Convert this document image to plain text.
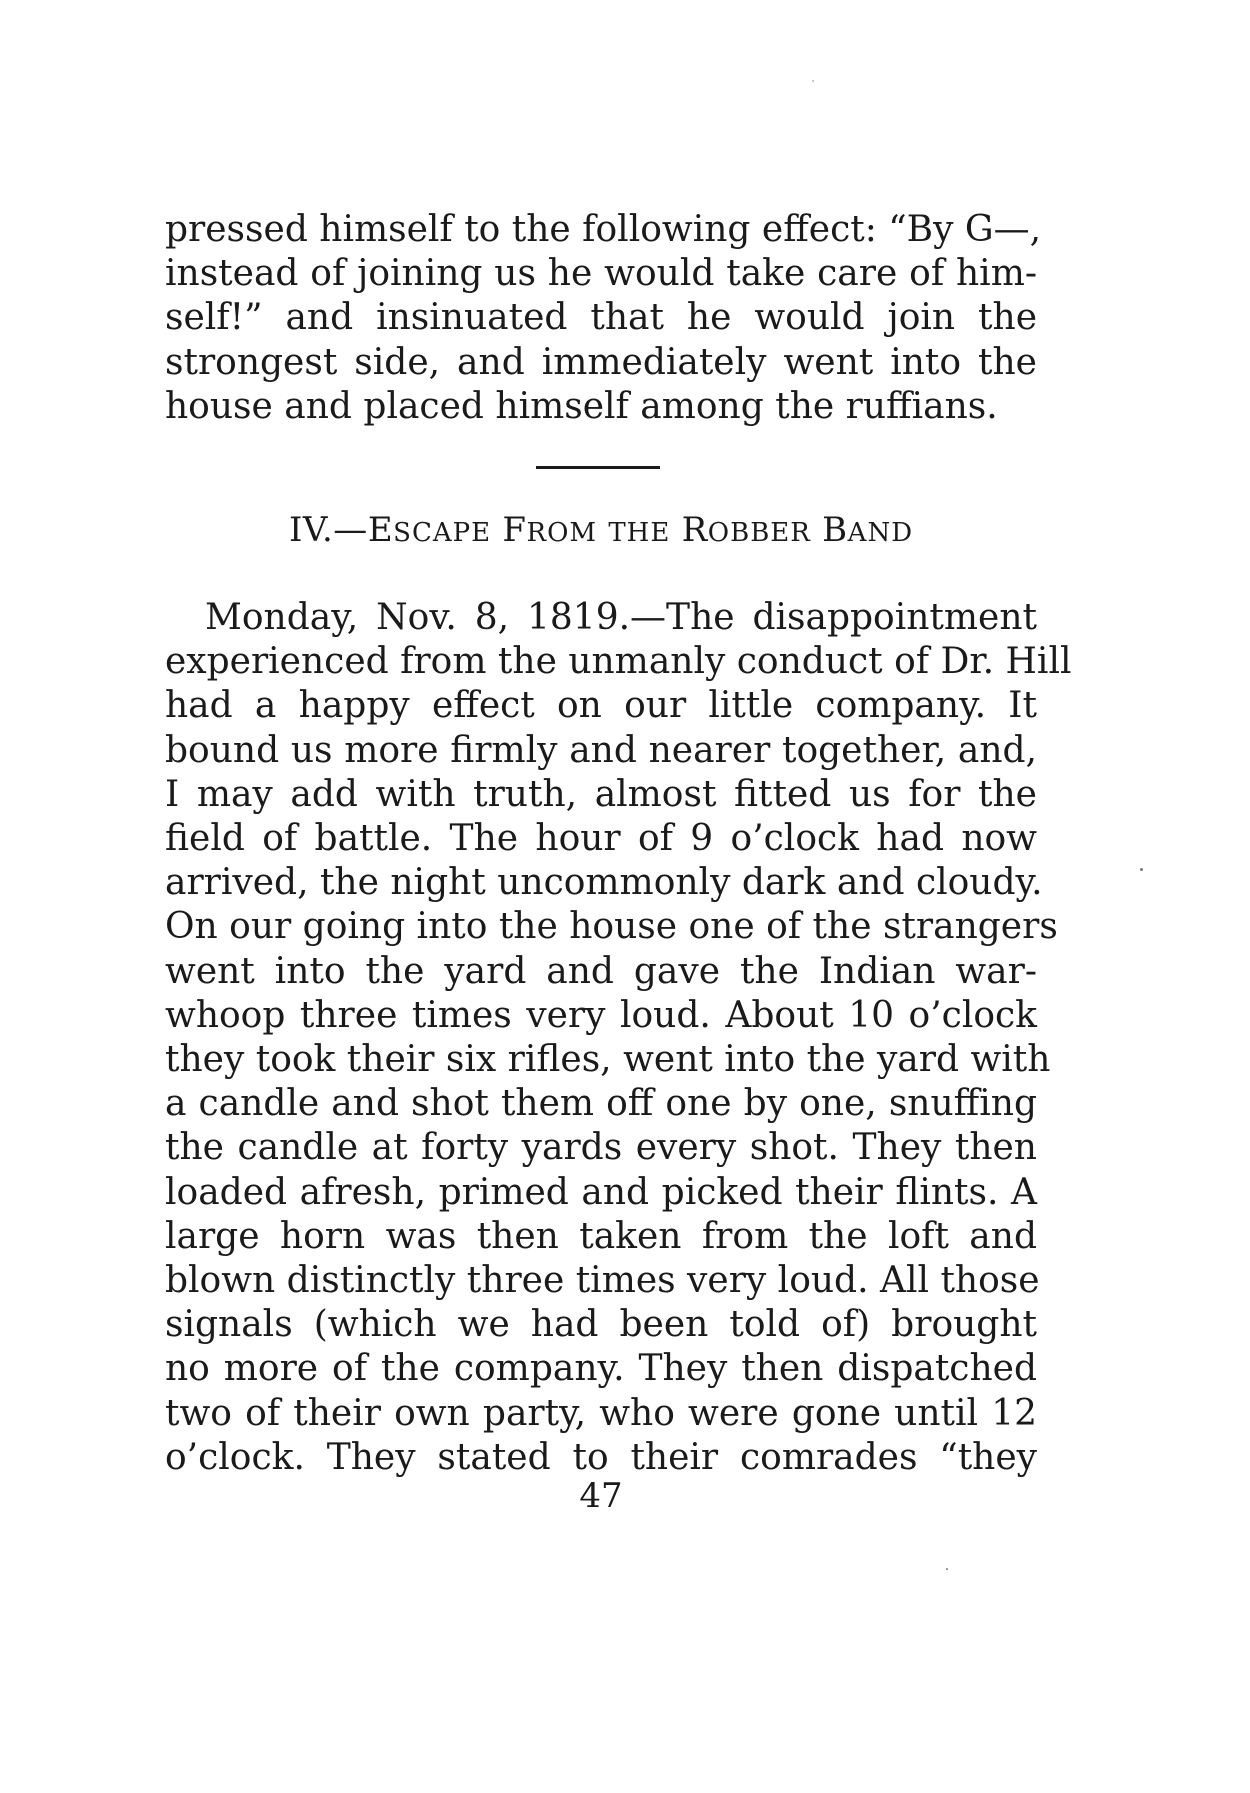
pressed himself to the following effect: “By G—,
instead of joining us he would take care of him-
self!” and insinuated that he would join the
strongest side, and immediately went into the
house and placed himself among the ruffians.
IV.—ESCAPE FROM THE ROBBER BAND
Monday, Nov. 8, 1819.—The disappointment
experienced from the unmanly conduct of Dr. Hill
had a happy effect on our little company. It
bound us more firmly and nearer together, and,
I may add with truth, almost fitted us for the
field of battle. The hour of 9 o’clock had now
arrived, the night uncommonly dark and cloudy.
On our going into the house one of the strangers
went into the yard and gave the Indian war-
whoop three times very loud. About 10 o’clock
they took their six rifles, went into the yard with
a candle and shot them off one by one, snuffing
the candle at forty yards every shot. They then
loaded afresh, primed and picked their flints. A
large horn was then taken from the loft and
blown distinctly three times very loud. All those
signals (which we had been told of) brought
no more of the company. They then dispatched
two of their own party, who were gone until 12
o’clock. They stated to their comrades “they
47
